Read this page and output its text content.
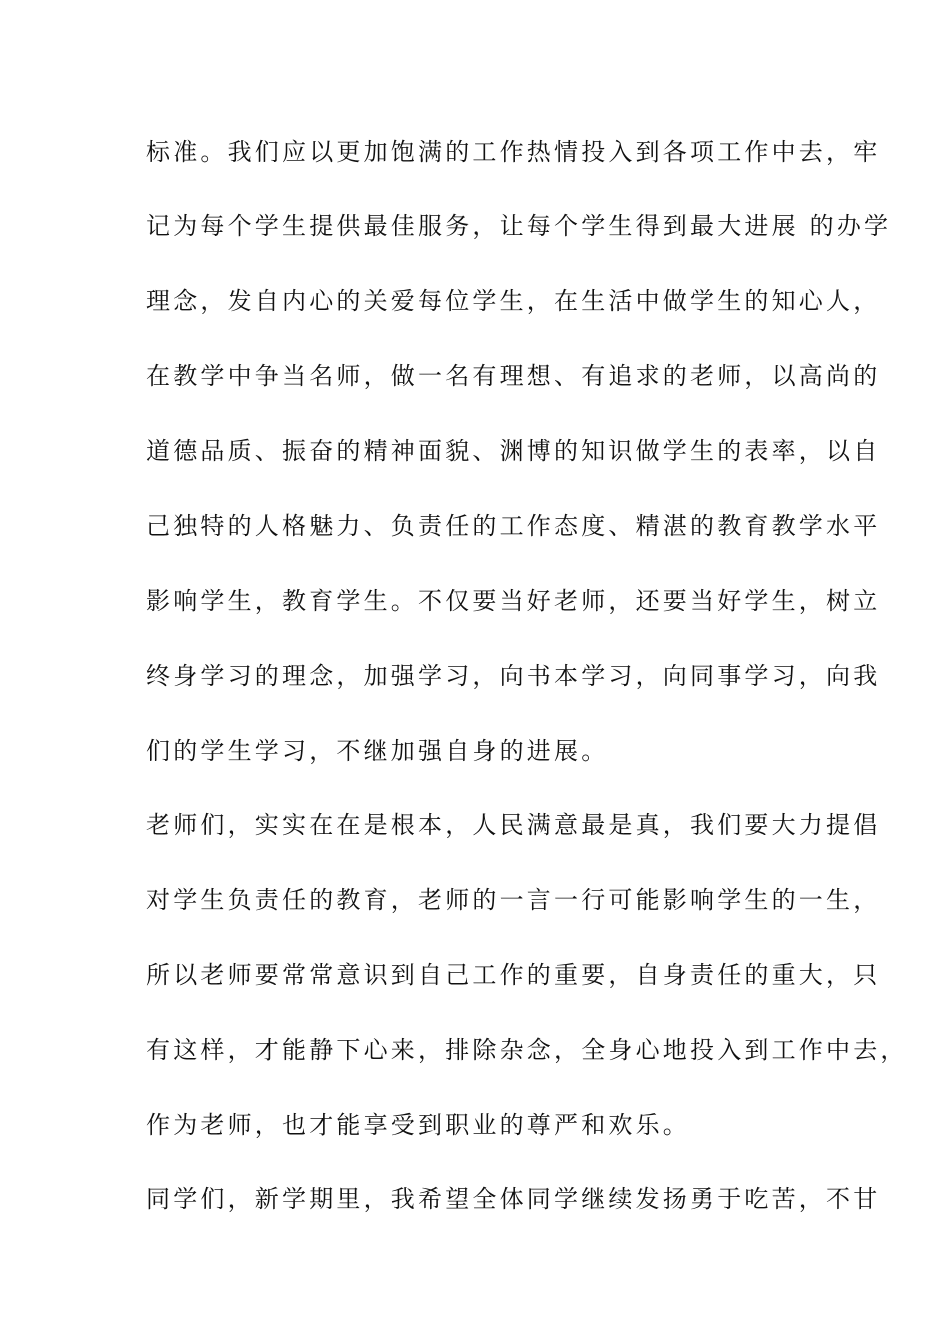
标准。我们应以更加饱满的工作热情投入到各项工作中去，牢
记为每个学生提供最佳服务，让每个学生得到最大进展 的办学
理念，发自内心的关爱每位学生，在生活中做学生的知心人，
在教学中争当名师，做一名有理想、有追求的老师，以高尚的
道德品质、振奋的精神面貌、渊博的知识做学生的表率，以自
己独特的人格魅力、负责任的工作态度、精湛的教育教学水平
影响学生，教育学生。不仅要当好老师，还要当好学生，树立
终身学习的理念，加强学习，向书本学习，向同事学习，向我
们的学生学习，不继加强自身的进展。
老师们，实实在在是根本，人民满意最是真，我们要大力提倡
对学生负责任的教育，老师的一言一行可能影响学生的一生，
所以老师要常常意识到自己工作的重要，自身责任的重大，只
有这样，才能静下心来，排除杂念，全身心地投入到工作中去，
作为老师，也才能享受到职业的尊严和欢乐。
同学们，新学期里，我希望全体同学继续发扬勇于吃苦，不甘
